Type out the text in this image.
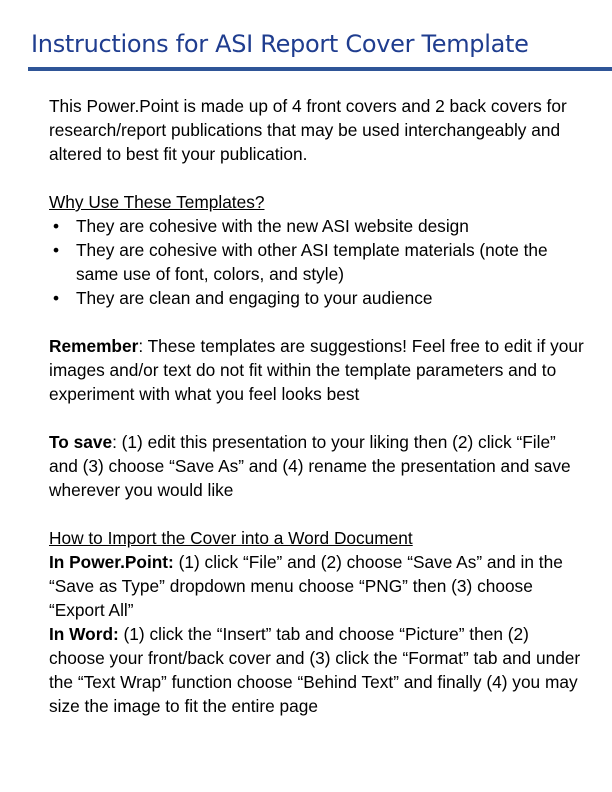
Instructions for ASI Report Cover Template

This Power.Point is made up of 4 front covers and 2 back covers for research/report publications that may be used interchangeably and altered to best fit your publication.

Why Use These Templates?

• They are cohesive with the new ASI website design
• They are cohesive with other ASI template materials (note the same use of font, colors, and style)
• They are clean and engaging to your audience

Remember: These templates are suggestions! Feel free to edit if your images and/or text do not fit within the template parameters and to experiment with what you feel looks best

To save: (1) edit this presentation to your liking then (2) click “File” and (3) choose “Save As” and (4) rename the presentation and save wherever you would like

How to Import the Cover into a Word Document

In Power.Point: (1) click “File” and (2) choose “Save As” and in the “Save as Type” dropdown menu choose “PNG” then (3) choose “Export All”

In Word: (1) click the “Insert” tab and choose “Picture” then (2) choose your front/back cover and (3) click the “Format” tab and under the “Text Wrap” function choose “Behind Text” and finally (4) you may size the image to fit the entire page
